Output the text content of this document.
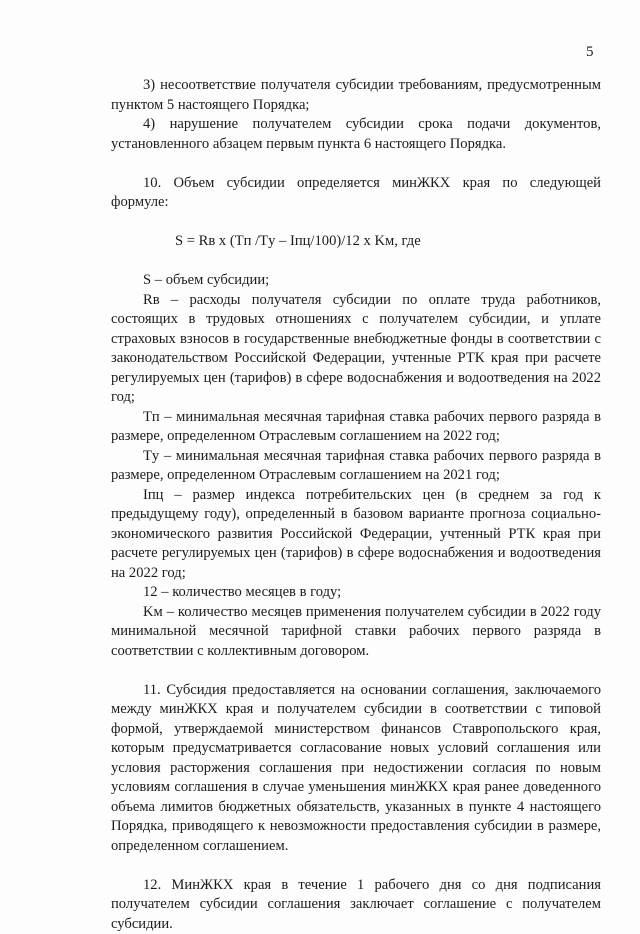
5

3) несоответствие получателя субсидии требованиям, предусмотренным пунктом 5 настоящего Порядка;

4) нарушение получателем субсидии срока подачи документов, установленного абзацем первым пункта 6 настоящего Порядка.

10. Объем субсидии определяется минЖКХ края по следующей формуле:

S = Rв x (Tп /Tу – Iпц/100)/12 x Kм, где

S – объем субсидии;

Rв – расходы получателя субсидии по оплате труда работников, состоящих в трудовых отношениях с получателем субсидии, и уплате страховых взносов в государственные внебюджетные фонды в соответствии с законодательством Российской Федерации, учтенные РТК края при расчете регулируемых цен (тарифов) в сфере водоснабжения и водоотведения на 2022 год;

Tп – минимальная месячная тарифная ставка рабочих первого разряда в размере, определенном Отраслевым соглашением на 2022 год;

Tу – минимальная месячная тарифная ставка рабочих первого разряда в размере, определенном Отраслевым соглашением на 2021 год;

Iпц – размер индекса потребительских цен (в среднем за год к предыдущему году), определенный в базовом варианте прогноза социально-экономического развития Российской Федерации, учтенный РТК края при расчете регулируемых цен (тарифов) в сфере водоснабжения и водоотведения на 2022 год;

12 – количество месяцев в году;

Kм – количество месяцев применения получателем субсидии в 2022 году минимальной месячной тарифной ставки рабочих первого разряда в соответствии с коллективным договором.

11. Субсидия предоставляется на основании соглашения, заключаемого между минЖКХ края и получателем субсидии в соответствии с типовой формой, утверждаемой министерством финансов Ставропольского края, которым предусматривается согласование новых условий соглашения или условия расторжения соглашения при недостижении согласия по новым условиям соглашения в случае уменьшения минЖКХ края ранее доведенного объема лимитов бюджетных обязательств, указанных в пункте 4 настоящего Порядка, приводящего к невозможности предоставления субсидии в размере, определенном соглашением.

12. МинЖКХ края в течение 1 рабочего дня со дня подписания получателем субсидии соглашения заключает соглашение с получателем субсидии.
